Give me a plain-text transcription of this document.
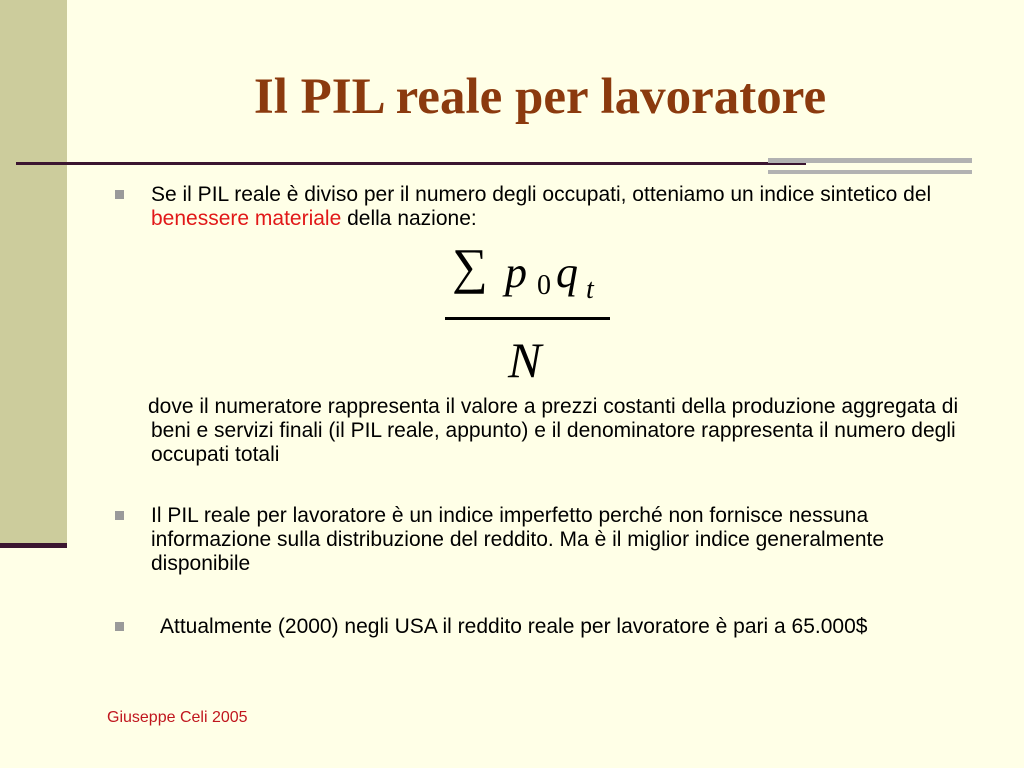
Il PIL reale per lavoratore

Se il PIL reale è diviso per il numero degli occupati, otteniamo un indice sintetico del benessere materiale della nazione:

∑ p 0 q t
N

dove il numeratore rappresenta il valore a prezzi costanti della produzione aggregata di beni e servizi finali (il PIL reale, appunto) e il denominatore rappresenta il numero degli occupati totali

Il PIL reale per lavoratore è un indice imperfetto perché non fornisce nessuna informazione sulla distribuzione del reddito. Ma è il miglior indice generalmente disponibile

Attualmente (2000) negli USA il reddito reale per lavoratore è pari a 65.000$

Giuseppe Celi 2005
